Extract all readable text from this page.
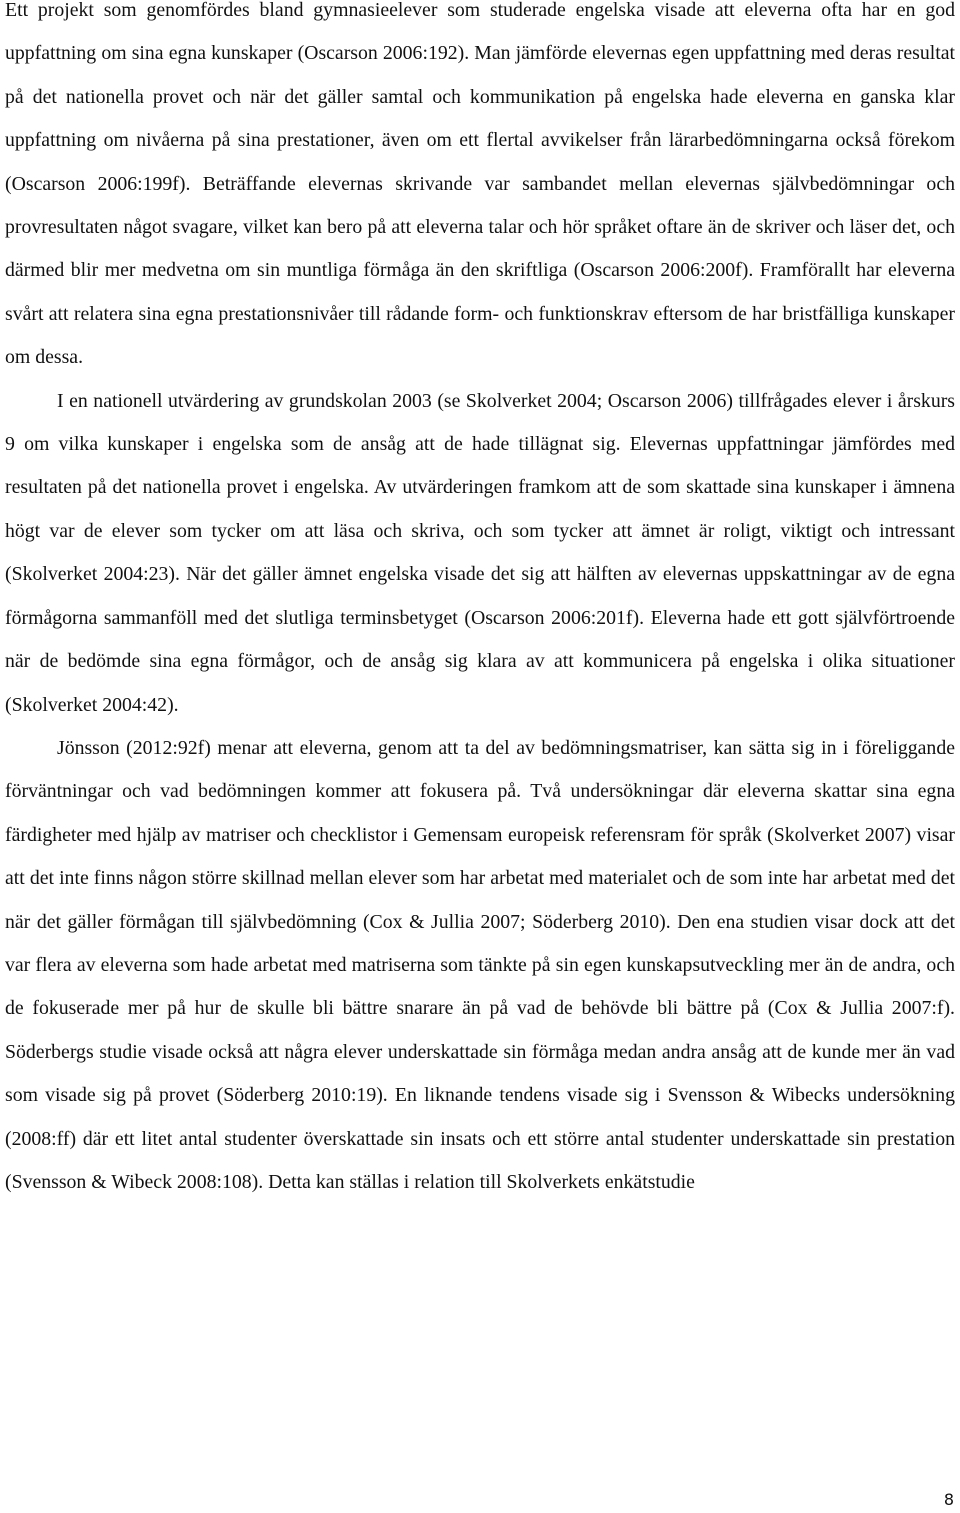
Ett projekt som genomfördes bland gymnasieelever som studerade engelska visade att eleverna ofta har en god uppfattning om sina egna kunskaper (Oscarson 2006:192). Man jämförde elevernas egen uppfattning med deras resultat på det nationella provet och när det gäller samtal och kommunikation på engelska hade eleverna en ganska klar uppfattning om nivåerna på sina prestationer, även om ett flertal avvikelser från lärarbedömningarna också förekom (Oscarson 2006:199f). Beträffande elevernas skrivande var sambandet mellan elevernas självbedömningar och provresultaten något svagare, vilket kan bero på att eleverna talar och hör språket oftare än de skriver och läser det, och därmed blir mer medvetna om sin muntliga förmåga än den skriftliga (Oscarson 2006:200f). Framförallt har eleverna svårt att relatera sina egna prestationsnivåer till rådande form- och funktionskrav eftersom de har bristfälliga kunskaper om dessa.

I en nationell utvärdering av grundskolan 2003 (se Skolverket 2004; Oscarson 2006) tillfrågades elever i årskurs 9 om vilka kunskaper i engelska som de ansåg att de hade tillägnat sig. Elevernas uppfattningar jämfördes med resultaten på det nationella provet i engelska. Av utvärderingen framkom att de som skattade sina kunskaper i ämnena högt var de elever som tycker om att läsa och skriva, och som tycker att ämnet är roligt, viktigt och intressant (Skolverket 2004:23). När det gäller ämnet engelska visade det sig att hälften av elevernas uppskattningar av de egna förmågorna sammanföll med det slutliga terminsbetyget (Oscarson 2006:201f). Eleverna hade ett gott självförtroende när de bedömde sina egna förmågor, och de ansåg sig klara av att kommunicera på engelska i olika situationer (Skolverket 2004:42).

Jönsson (2012:92f) menar att eleverna, genom att ta del av bedömningsmatriser, kan sätta sig in i föreliggande förväntningar och vad bedömningen kommer att fokusera på. Två undersökningar där eleverna skattar sina egna färdigheter med hjälp av matriser och checklistor i Gemensam europeisk referensram för språk (Skolverket 2007) visar att det inte finns någon större skillnad mellan elever som har arbetat med materialet och de som inte har arbetat med det när det gäller förmågan till självbedömning (Cox & Jullia 2007; Söderberg 2010). Den ena studien visar dock att det var flera av eleverna som hade arbetat med matriserna som tänkte på sin egen kunskapsutveckling mer än de andra, och de fokuserade mer på hur de skulle bli bättre snarare än på vad de behövde bli bättre på (Cox & Jullia 2007:f). Söderbergs studie visade också att några elever underskattade sin förmåga medan andra ansåg att de kunde mer än vad som visade sig på provet (Söderberg 2010:19). En liknande tendens visade sig i Svensson & Wibecks undersökning (2008:ff) där ett litet antal studenter överskattade sin insats och ett större antal studenter underskattade sin prestation (Svensson & Wibeck 2008:108). Detta kan ställas i relation till Skolverkets enkätstudie

8
